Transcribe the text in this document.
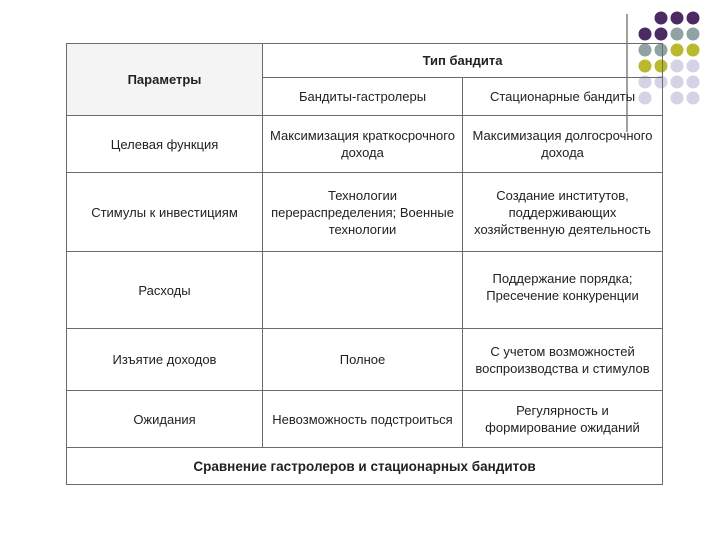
Параметры	Тип бандита	
	Бандиты-гастролеры	Стационарные бандиты
Целевая функция	Максимизация краткосрочного дохода	Максимизация долгосрочного дохода
Стимулы к инвестициям	Технологии перераспределения; Военные технологии	Создание институтов, поддерживающих хозяйственную деятельность
Расходы		Поддержание порядка; Пресечение конкуренции
Изъятие доходов	Полное	С учетом возможностей воспроизводства и стимулов
Ожидания	Невозможность подстроиться	Регулярность и формирование ожиданий
Сравнение гастролеров и стационарных бандитов		
